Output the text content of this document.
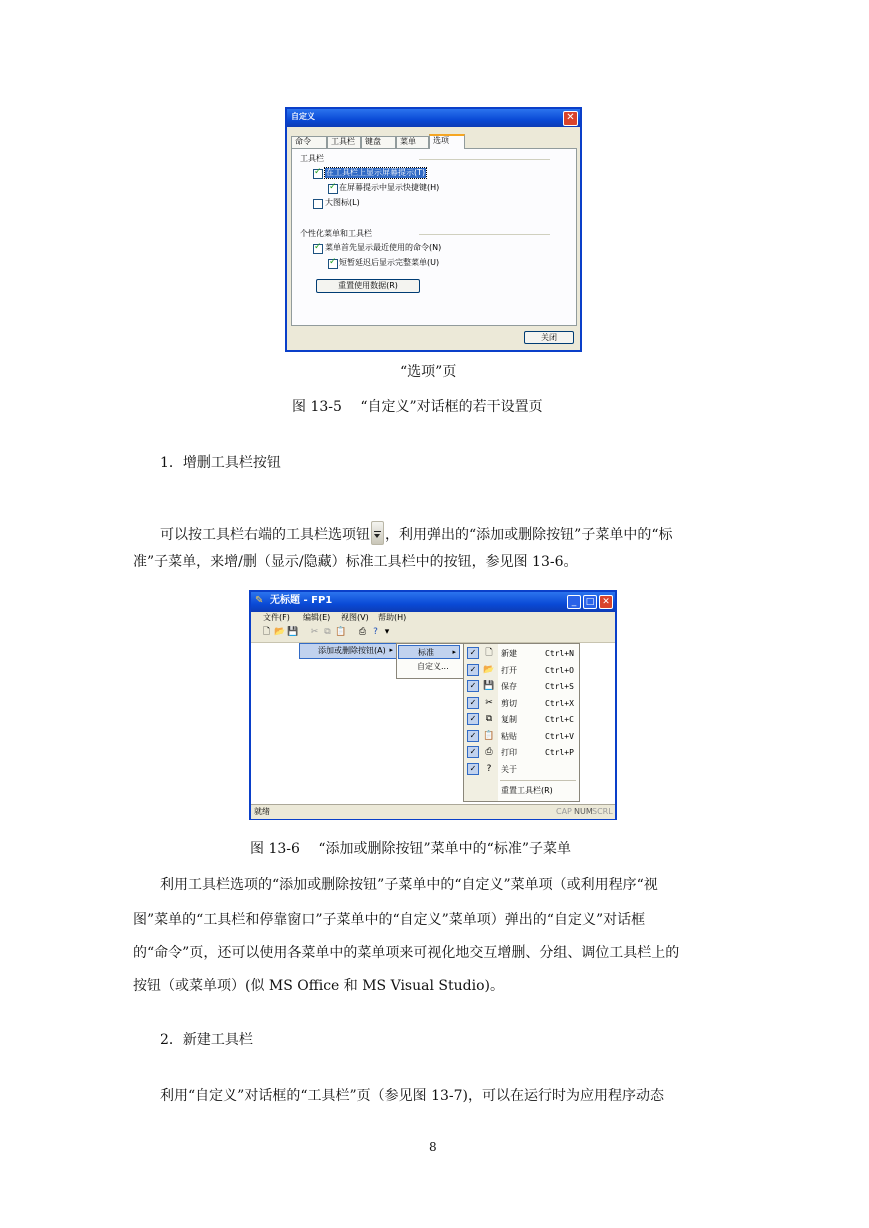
自定义	✕
命令	工具栏	键盘	菜单	选项
工具栏
✓
在工具栏上显示屏幕提示(T)
✓
在屏幕提示中显示快捷键(H)
大图标(L)
个性化菜单和工具栏
✓
菜单首先显示最近使用的命令(N)
✓
短暂延迟后显示完整菜单(U)
重置使用数据(R)
关闭
“选项”页
图 13-5　 “自定义”对话框的若干设置页
1．增删工具栏按钮
可以按工具栏右端的工具栏选项钮 ，利用弹出的“添加或删除按钮”子菜单中的“标
准”子菜单，来增/删（显示/隐藏）标准工具栏中的按钮，参见图 13-6。
✎ 无标题 - FP1	_	□ ✕
文件(F) 编辑(E) 视图(V) 帮助(H)
🗋 📂 💾 ✂ ⧉ 📋 ⎙ ? ▾
添加或删除按钮(A) ▸	标准	▸
自定义...
✓ 🗋 新建	Ctrl+N
✓ 📂 打开	Ctrl+O
✓ 💾 保存	Ctrl+S
✓ ✂ 剪切	Ctrl+X
✓	⧉	复制	Ctrl+C
✓ 📋 粘贴	Ctrl+V
✓ ⎙	打印	Ctrl+P
✓	?	关于
重置工具栏(R)
就绪	CAP NUM SCRL
图 13-6　 “添加或删除按钮”菜单中的“标准”子菜单
利用工具栏选项的“添加或删除按钮”子菜单中的“自定义”菜单项（或利用程序“视
图”菜单的“工具栏和停靠窗口”子菜单中的“自定义”菜单项）弹出的“自定义”对话框
的“命令”页，还可以使用各菜单中的菜单项来可视化地交互增删、分组、调位工具栏上的
按钮（或菜单项）(似 MS Office 和 MS Visual Studio)。
2．新建工具栏
利用“自定义”对话框的“工具栏”页（参见图 13-7)，可以在运行时为应用程序动态
8
